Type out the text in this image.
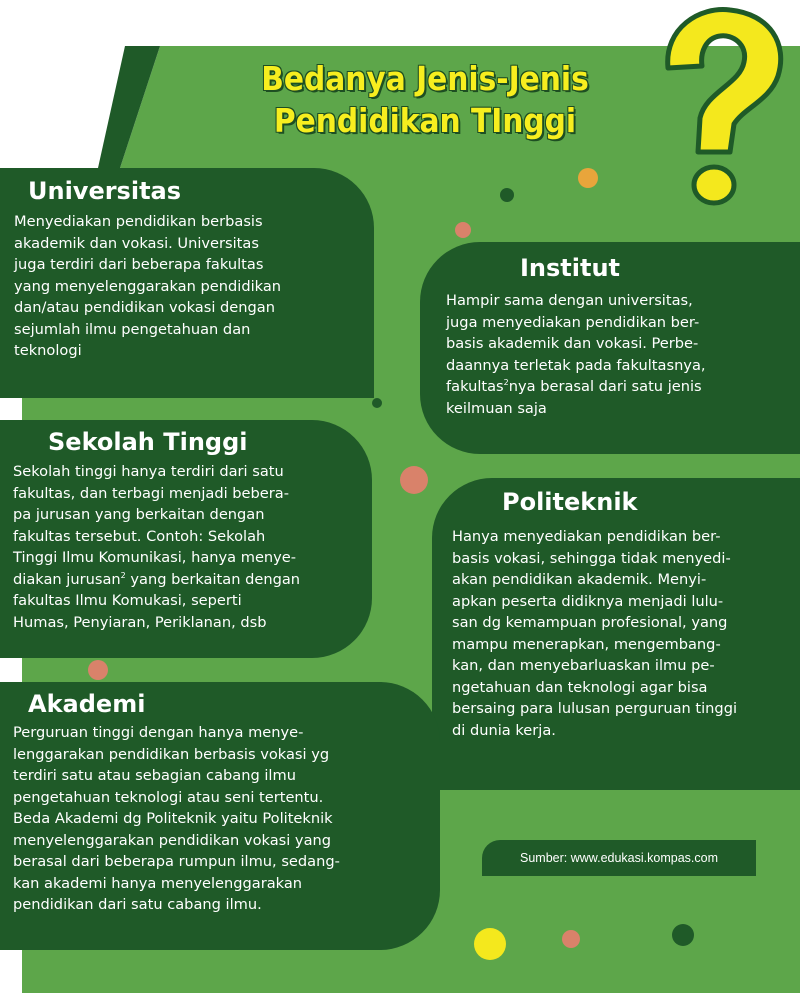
Bedanya Jenis-Jenis
Pendidikan TInggi
Universitas

Menyediakan pendidikan berbasis
akademik dan vokasi. Universitas
juga terdiri dari beberapa fakultas
yang menyelenggarakan pendidikan
dan/atau pendidikan vokasi dengan
sejumlah ilmu pengetahuan dan
teknologi

Institut

Hampir sama dengan universitas,
juga menyediakan pendidikan ber-
basis akademik dan vokasi. Perbe-
daannya terletak pada fakultasnya,
fakultas$^2$nya berasal dari satu jenis
keilmuan saja

Sekolah Tinggi

Sekolah tinggi hanya terdiri dari satu
fakultas, dan terbagi menjadi bebera-
pa jurusan yang berkaitan dengan
fakultas tersebut. Contoh: Sekolah
Tinggi Ilmu Komunikasi, hanya menye-
diakan jurusan$^2$ yang berkaitan dengan
fakultas Ilmu Komukasi, seperti
Humas, Penyiaran, Periklanan, dsb

Politeknik

Hanya menyediakan pendidikan ber-
basis vokasi, sehingga tidak menyedi-
akan pendidikan akademik. Menyi-
apkan peserta didiknya menjadi lulu-
san dg kemampuan profesional, yang
mampu menerapkan, mengembang-
kan, dan menyebarluaskan ilmu pe-
ngetahuan dan teknologi agar bisa
bersaing para lulusan perguruan tinggi
di dunia kerja.

Akademi

Perguruan tinggi dengan hanya menye-
lenggarakan pendidikan berbasis vokasi yg
terdiri satu atau sebagian cabang ilmu
pengetahuan teknologi atau seni tertentu.
Beda Akademi dg Politeknik yaitu Politeknik
menyelenggarakan pendidikan vokasi yang
berasal dari beberapa rumpun ilmu, sedang-
kan akademi hanya menyelenggarakan
pendidikan dari satu cabang ilmu.

Sumber: www.edukasi.kompas.com
